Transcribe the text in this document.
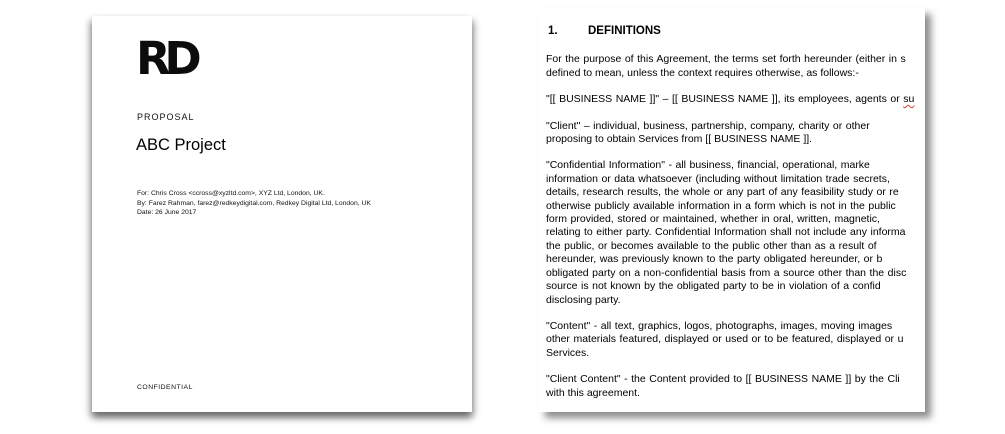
RD
PROPOSAL
ABC Project
For: Chris Cross <ccross@xyzltd.com>, XYZ Ltd, London, UK.
By: Farez Rahman, farez@redkeydigital.com, Redkey Digital Ltd, London, UK
Date: 26 June 2017
CONFIDENTIAL
1.	DEFINITIONS
For the purpose of this Agreement, the terms set forth hereunder (either in s
defined to mean, unless the context requires otherwise, as follows:-
"[[ BUSINESS NAME ]]" – [[ BUSINESS NAME ]], its employees, agents or su
"Client" – individual, business, partnership, company, charity or other
proposing to obtain Services from [[ BUSINESS NAME ]].
"Confidential Information" - all business, financial, operational, marke
information or data whatsoever (including without limitation trade secrets,
details, research results, the whole or any part of any feasibility study or re
otherwise publicly available information in a form which is not in the public
form provided, stored or maintained, whether in oral, written, magnetic,
relating to either party. Confidential Information shall not include any informa
the public, or becomes available to the public other than as a result of
hereunder, was previously known to the party obligated hereunder, or b
obligated party on a non-confidential basis from a source other than the disc
source is not known by the obligated party to be in violation of a confid
disclosing party.
"Content" - all text, graphics, logos, photographs, images, moving images
other materials featured, displayed or used or to be featured, displayed or u
Services.
"Client Content" - the Content provided to [[ BUSINESS NAME ]] by the Cli
with this agreement.
